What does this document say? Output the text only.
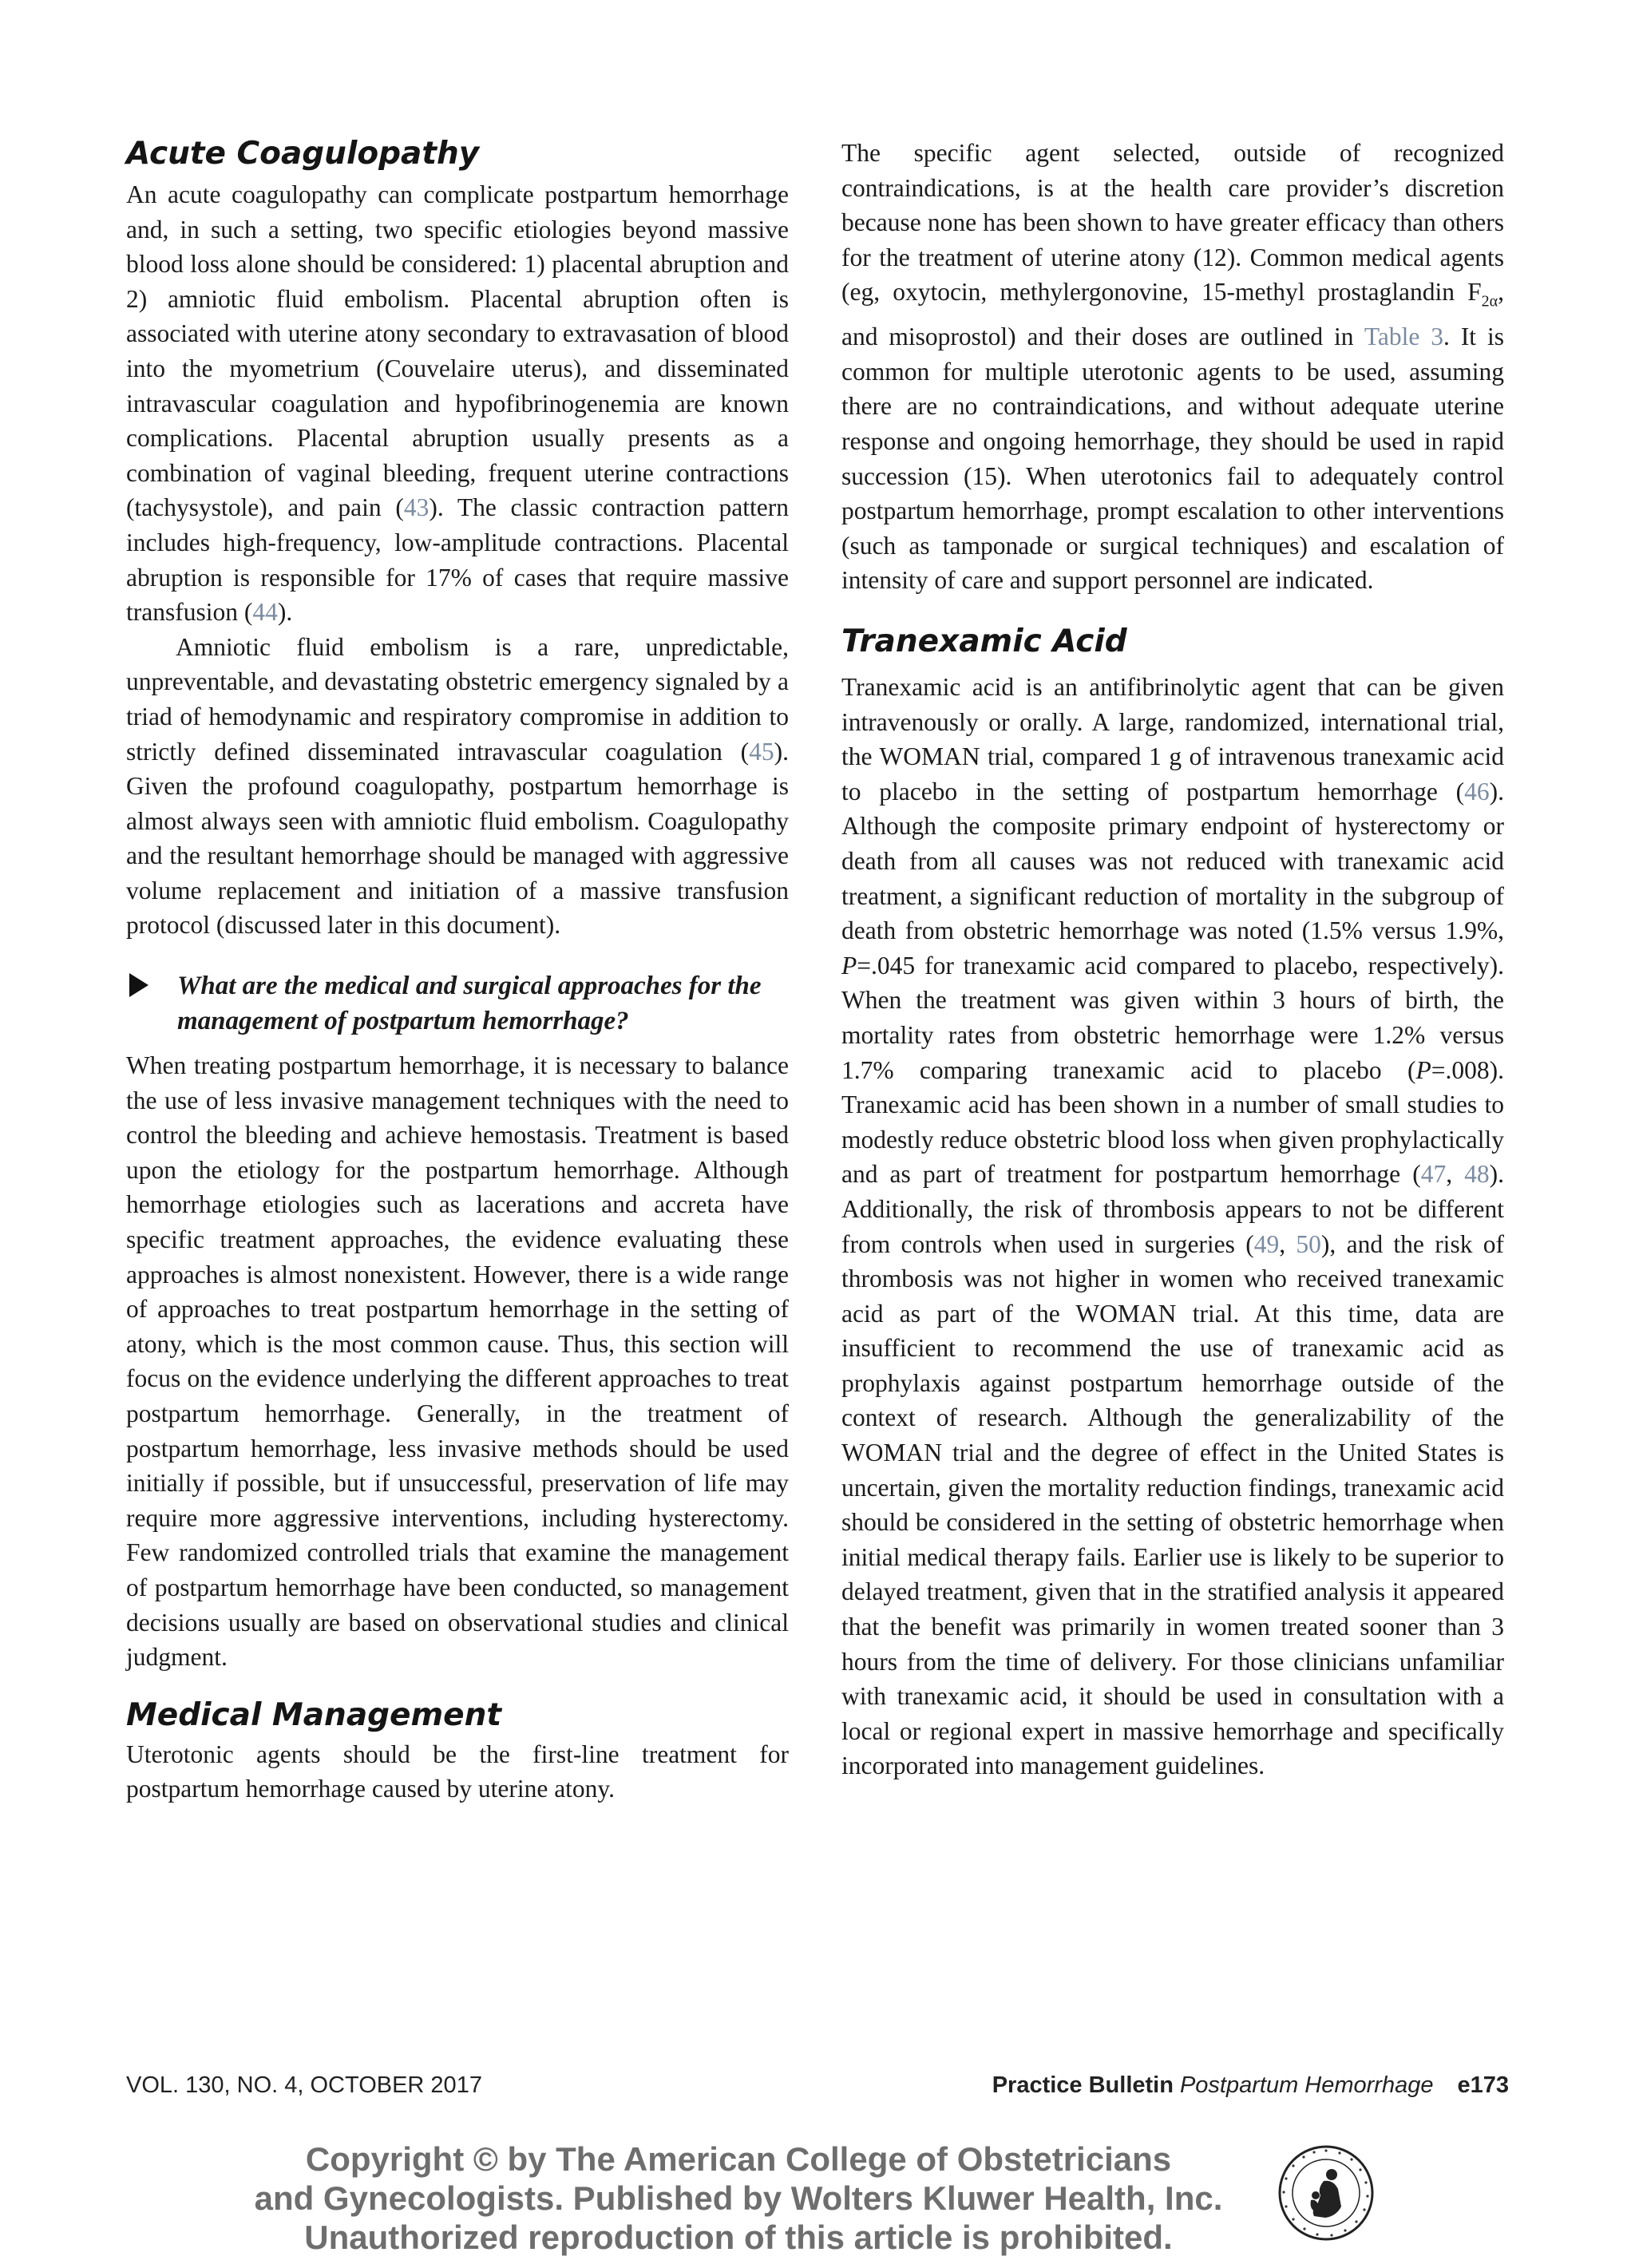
Acute Coagulopathy

An acute coagulopathy can complicate postpartum hemorrhage and, in such a setting, two specific etiologies beyond massive blood loss alone should be considered: 1) placental abruption and 2) amniotic fluid embolism. Placental abruption often is associated with uterine atony secondary to extravasation of blood into the myometrium (Couvelaire uterus), and disseminated intravascular coagulation and hypofibrinogenemia are known complications. Placental abruption usually presents as a combination of vaginal bleeding, frequent uterine contractions (tachysystole), and pain (43). The classic contraction pattern includes high-frequency, low-amplitude contractions. Placental abruption is responsible for 17% of cases that require massive transfusion (44).

Amniotic fluid embolism is a rare, unpredictable, unpreventable, and devastating obstetric emergency signaled by a triad of hemodynamic and respiratory compromise in addition to strictly defined disseminated intravascular coagulation (45). Given the profound coagulopathy, postpartum hemorrhage is almost always seen with amniotic fluid embolism. Coagulopathy and the resultant hemorrhage should be managed with aggressive volume replacement and initiation of a massive transfusion protocol (discussed later in this document).

What are the medical and surgical approaches for the management of postpartum hemorrhage?

When treating postpartum hemorrhage, it is necessary to balance the use of less invasive management techniques with the need to control the bleeding and achieve hemostasis. Treatment is based upon the etiology for the postpartum hemorrhage. Although hemorrhage etiologies such as lacerations and accreta have specific treatment approaches, the evidence evaluating these approaches is almost nonexistent. However, there is a wide range of approaches to treat postpartum hemorrhage in the setting of atony, which is the most common cause. Thus, this section will focus on the evidence underlying the different approaches to treat postpartum hemorrhage. Generally, in the treatment of postpartum hemorrhage, less invasive methods should be used initially if possible, but if unsuccessful, preservation of life may require more aggressive interventions, including hysterectomy. Few randomized controlled trials that examine the management of postpartum hemorrhage have been conducted, so management decisions usually are based on observational studies and clinical judgment.

Medical Management

Uterotonic agents should be the first-line treatment for postpartum hemorrhage caused by uterine atony.

The specific agent selected, outside of recognized contraindications, is at the health care provider’s discretion because none has been shown to have greater efficacy than others for the treatment of uterine atony (12). Common medical agents (eg, oxytocin, methylergonovine, 15-methyl prostaglandin $F_{2\alpha}$, and misoprostol) and their doses are outlined in Table 3. It is common for multiple uterotonic agents to be used, assuming there are no contraindications, and without adequate uterine response and ongoing hemorrhage, they should be used in rapid succession (15). When uterotonics fail to adequately control postpartum hemorrhage, prompt escalation to other interventions (such as tamponade or surgical techniques) and escalation of intensity of care and support personnel are indicated.

Tranexamic Acid

Tranexamic acid is an antifibrinolytic agent that can be given intravenously or orally. A large, randomized, international trial, the WOMAN trial, compared 1 g of intravenous tranexamic acid to placebo in the setting of postpartum hemorrhage (46). Although the composite primary endpoint of hysterectomy or death from all causes was not reduced with tranexamic acid treatment, a significant reduction of mortality in the subgroup of death from obstetric hemorrhage was noted (1.5% versus 1.9%, P=.045 for tranexamic acid compared to placebo, respectively). When the treatment was given within 3 hours of birth, the mortality rates from obstetric hemorrhage were 1.2% versus 1.7% comparing tranexamic acid to placebo (P=.008). Tranexamic acid has been shown in a number of small studies to modestly reduce obstetric blood loss when given prophylactically and as part of treatment for postpartum hemorrhage (47, 48). Additionally, the risk of thrombosis appears to not be different from controls when used in surgeries (49, 50), and the risk of thrombosis was not higher in women who received tranexamic acid as part of the WOMAN trial. At this time, data are insufficient to recommend the use of tranexamic acid as prophylaxis against postpartum hemorrhage outside of the context of research. Although the generalizability of the WOMAN trial and the degree of effect in the United States is uncertain, given the mortality reduction findings, tranexamic acid should be considered in the setting of obstetric hemorrhage when initial medical therapy fails. Earlier use is likely to be superior to delayed treatment, given that in the stratified analysis it appeared that the benefit was primarily in women treated sooner than 3 hours from the time of delivery. For those clinicians unfamiliar with tranexamic acid, it should be used in consultation with a local or regional expert in massive hemorrhage and specifically incorporated into management guidelines.

VOL. 130, NO. 4, OCTOBER 2017	Practice Bulletin Postpartum Hemorrhage e173
Copyright © by The American College of Obstetricians
and Gynecologists. Published by Wolters Kluwer Health, Inc.
Unauthorized reproduction of this article is prohibited.
